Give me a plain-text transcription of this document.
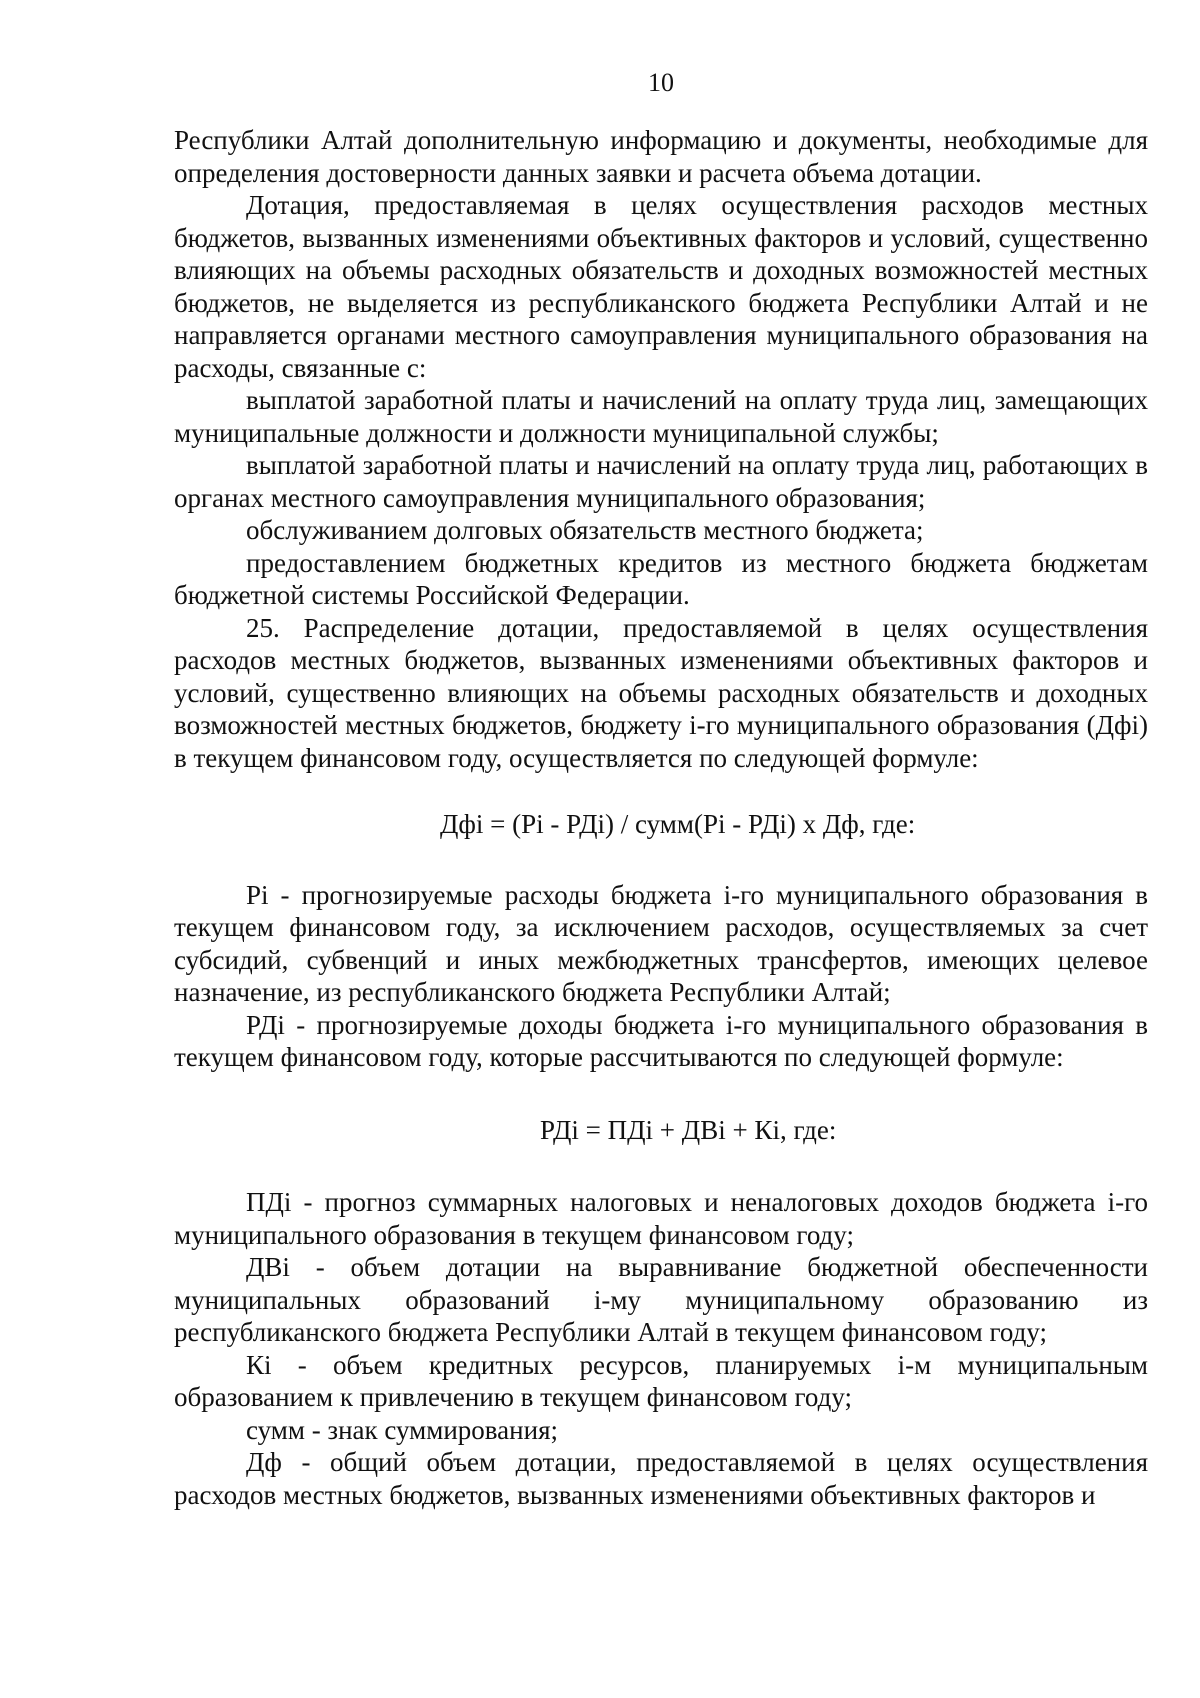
10

Республики Алтай дополнительную информацию и документы, необходимые для определения достоверности данных заявки и расчета объема дотации.

Дотация, предоставляемая в целях осуществления расходов местных бюджетов, вызванных изменениями объективных факторов и условий, существенно влияющих на объемы расходных обязательств и доходных возможностей местных бюджетов, не выделяется из республиканского бюджета Республики Алтай и не направляется органами местного самоуправления муниципального образования на расходы, связанные с:

выплатой заработной платы и начислений на оплату труда лиц, замещающих муниципальные должности и должности муниципальной службы;

выплатой заработной платы и начислений на оплату труда лиц, работающих в органах местного самоуправления муниципального образования;

обслуживанием долговых обязательств местного бюджета;

предоставлением бюджетных кредитов из местного бюджета бюджетам бюджетной системы Российской Федерации.

25. Распределение дотации, предоставляемой в целях осуществления расходов местных бюджетов, вызванных изменениями объективных факторов и условий, существенно влияющих на объемы расходных обязательств и доходных возможностей местных бюджетов, бюджету i-го муниципального образования (Дфi) в текущем финансовом году, осуществляется по следующей формуле:

Дфi = (Pi - РДi) / сумм(Pi - РДi) x Дф, где:

Pi - прогнозируемые расходы бюджета i-го муниципального образования в текущем финансовом году, за исключением расходов, осуществляемых за счет субсидий, субвенций и иных межбюджетных трансфертов, имеющих целевое назначение, из республиканского бюджета Республики Алтай;

РДi - прогнозируемые доходы бюджета i-го муниципального образования в текущем финансовом году, которые рассчитываются по следующей формуле:

РДi = ПДi + ДВi + Кi, где:

ПДi - прогноз суммарных налоговых и неналоговых доходов бюджета i-го муниципального образования в текущем финансовом году;

ДВi - объем дотации на выравнивание бюджетной обеспеченности муниципальных образований i-му муниципальному образованию из республиканского бюджета Республики Алтай в текущем финансовом году;

Кi - объем кредитных ресурсов, планируемых i-м муниципальным образованием к привлечению в текущем финансовом году;

сумм - знак суммирования;

Дф - общий объем дотации, предоставляемой в целях осуществления расходов местных бюджетов, вызванных изменениями объективных факторов и
